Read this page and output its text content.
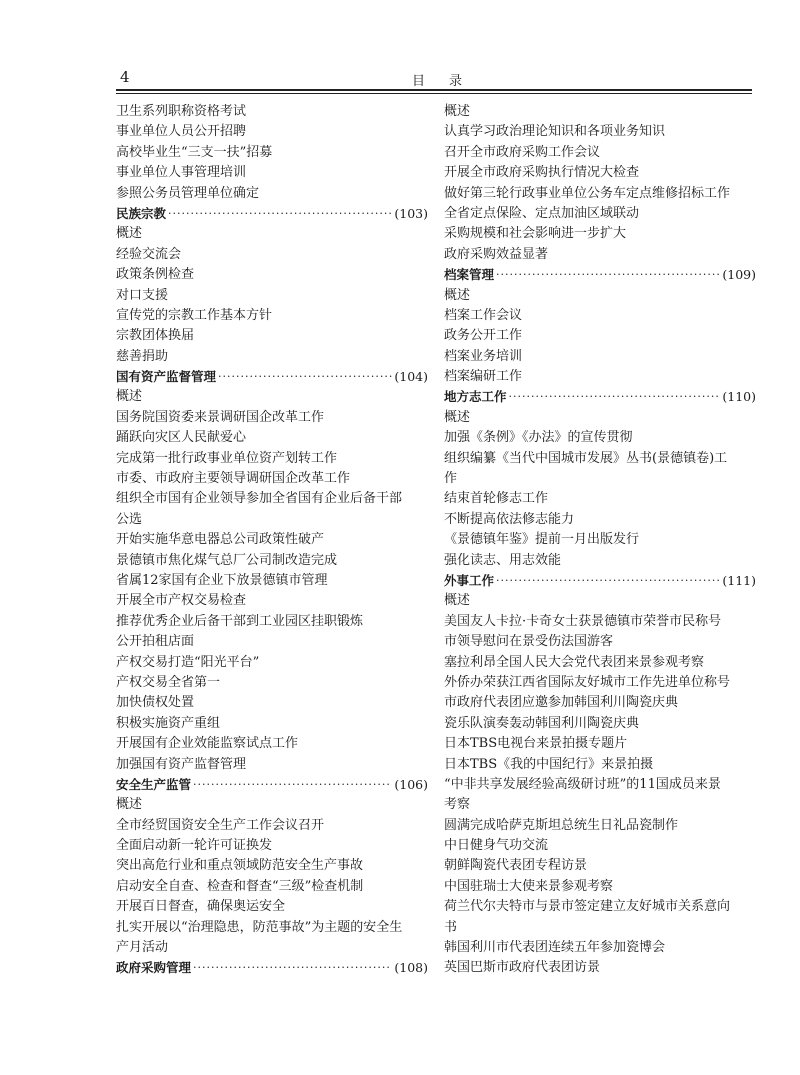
4	目录
卫生系列职称资格考试
事业单位人员公开招聘
高校毕业生“三支一扶”招募
事业单位人事管理培训
参照公务员管理单位确定
民族宗教 ·····	(103)
概述
经验交流会
政策条例检查
对口支援
宣传党的宗教工作基本方针
宗教团体换届
慈善捐助
国有资产监督管理 ·····	(104)
概述
国务院国资委来景调研国企改革工作
踊跃向灾区人民献爱心
完成第一批行政事业单位资产划转工作
市委、市政府主要领导调研国企改革工作
组织全市国有企业领导参加全省国有企业后备干部
公选
开始实施华意电器总公司政策性破产
景德镇市焦化煤气总厂公司制改造完成
省属12家国有企业下放景德镇市管理
开展全市产权交易检查
推荐优秀企业后备干部到工业园区挂职锻炼
公开拍租店面
产权交易打造“阳光平台”
产权交易全省第一
加快债权处置
积极实施资产重组
开展国有企业效能监察试点工作
加强国有资产监督管理
安全生产监管 ·····	(106)
概述
全市经贸国资安全生产工作会议召开
全面启动新一轮许可证换发
突出高危行业和重点领域防范安全生产事故
启动安全自查、检查和督查“三级”检查机制
开展百日督查，确保奥运安全
扎实开展以“治理隐患，防范事故”为主题的安全生
产月活动
政府采购管理 ·····	(108)
概述
认真学习政治理论知识和各项业务知识
召开全市政府采购工作会议
开展全市政府采购执行情况大检查
做好第三轮行政事业单位公务车定点维修招标工作
全省定点保险、定点加油区域联动
采购规模和社会影响进一步扩大
政府采购效益显著
档案管理 ·····	(109)
概述
档案工作会议
政务公开工作
档案业务培训
档案编研工作
地方志工作 ·····	(110)
概述
加强《条例》《办法》的宣传贯彻
组织编纂《当代中国城市发展》丛书(景德镇卷)工
作
结束首轮修志工作
不断提高依法修志能力
《景德镇年鉴》提前一月出版发行
强化读志、用志效能
外事工作 ·····	(111)
概述
美国友人卡拉·卡奇女士获景德镇市荣誉市民称号
市领导慰问在景受伤法国游客
塞拉利昂全国人民大会党代表团来景参观考察
外侨办荣获江西省国际友好城市工作先进单位称号
市政府代表团应邀参加韩国利川陶瓷庆典
瓷乐队演奏轰动韩国利川陶瓷庆典
日本TBS电视台来景拍摄专题片
日本TBS《我的中国纪行》来景拍摄
“中非共享发展经验高级研讨班”的11国成员来景
考察
圆满完成哈萨克斯坦总统生日礼品瓷制作
中日健身气功交流
朝鲜陶瓷代表团专程访景
中国驻瑞士大使来景参观考察
荷兰代尔夫特市与景市签定建立友好城市关系意向
书
韩国利川市代表团连续五年参加瓷博会
英国巴斯市政府代表团访景
